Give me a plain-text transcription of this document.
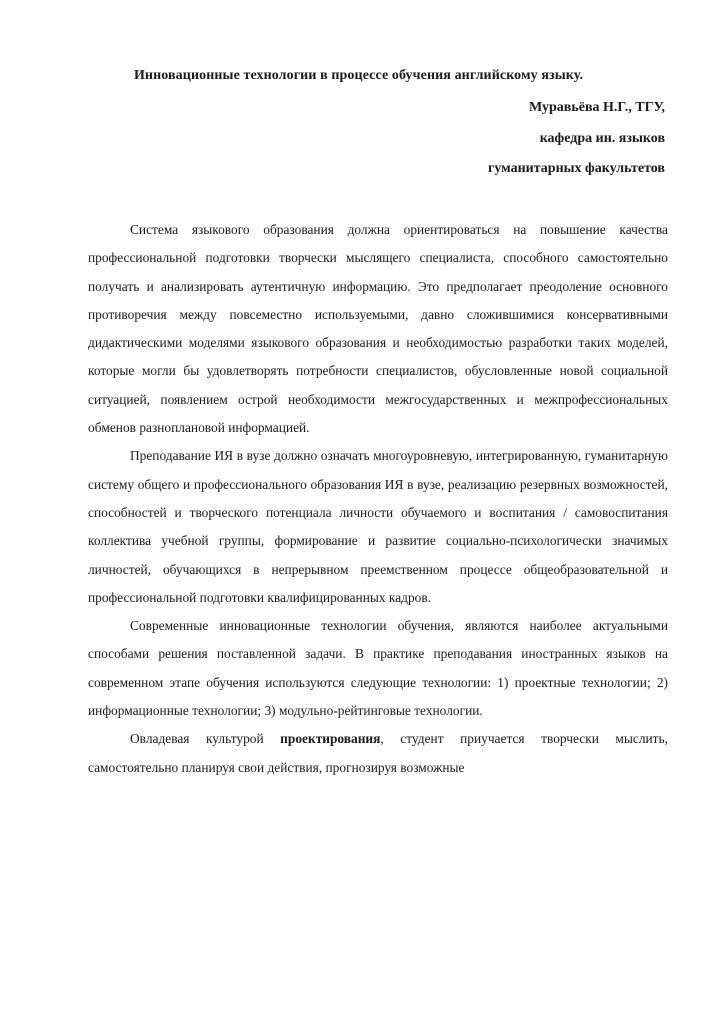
Инновационные технологии в процессе обучения английскому языку.
Муравьёва Н.Г., ТГУ,
кафедра ин. языков
гуманитарных факультетов

Система языкового образования должна ориентироваться на повышение качества профессиональной подготовки творчески мыслящего специалиста, способного самостоятельно получать и анализировать аутентичную информацию. Это предполагает преодоление основного противоречия между повсеместно используемыми, давно сложившимися консервативными дидактическими моделями языкового образования и необходимостью разработки таких моделей, которые могли бы удовлетворять потребности специалистов, обусловленные новой социальной ситуацией, появлением острой необходимости межгосударственных и межпрофессиональных обменов разноплановой информацией.

Преподавание ИЯ в вузе должно означать многоуровневую, интегрированную, гуманитарную систему общего и профессионального образования ИЯ в вузе, реализацию резервных возможностей, способностей и творческого потенциала личности обучаемого и воспитания / самовоспитания коллектива учебной группы, формирование и развитие социально-психологически значимых личностей, обучающихся в непрерывном преемственном процессе общеобразовательной и профессиональной подготовки квалифицированных кадров.

Современные инновационные технологии обучения, являются наиболее актуальными способами решения поставленной задачи. В практике преподавания иностранных языков на современном этапе обучения используются следующие технологии: 1) проектные технологии; 2) информационные технологии; 3) модульно-рейтинговые технологии.

Овладевая культурой проектирования, студент приучается творчески мыслить, самостоятельно планируя свои действия, прогнозируя возможные
